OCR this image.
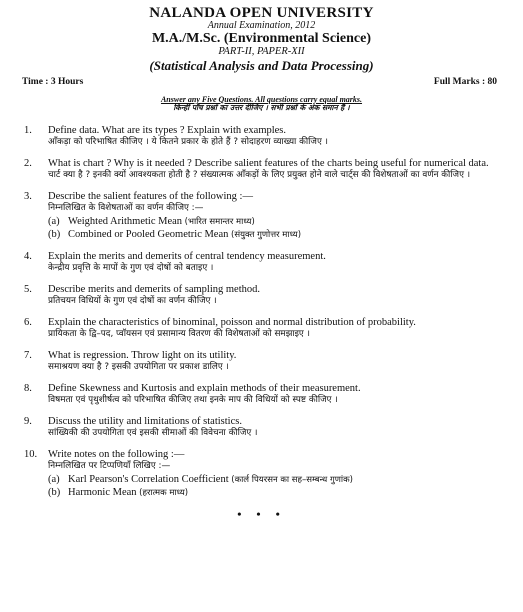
NALANDA OPEN UNIVERSITY
Annual Examination, 2012
M.A./M.Sc. (Environmental Science)
PART-II, PAPER-XII
(Statistical Analysis and Data Processing)
Time : 3 Hours	Full Marks : 80
Answer any Five Questions. All questions carry equal marks.
किन्हीं पाँच प्रश्नों का उत्तर दीजिए । सभी प्रश्नों के अंक समान हैं ।
1.	Define data. What are its types ? Explain with examples.
आँकड़ा को परिभाषित कीजिए । ये कितने प्रकार के होते हैं ? सोदाहरण व्याख्या कीजिए ।
2.	What is chart ? Why is it needed ? Describe salient features of the charts being useful for numerical data.
चार्ट क्या है ? इनकी क्यों आवश्यकता होती है ? संख्यात्मक आँकड़ों के लिए प्रयुक्त होने वाले चार्ट्स की विशेषताओं का वर्णन कीजिए ।
3.	Describe the salient features of the following :—
निम्नलिखित के विशेषताओं का वर्णन कीजिए :—
(a) Weighted Arithmetic Mean (भारित समान्तर माध्य)
(b) Combined or Pooled Geometric Mean (संयुक्त गुणोत्तर माध्य)
4.	Explain the merits and demerits of central tendency measurement.
केन्द्रीय प्रवृत्ति के मापों के गुण एवं दोषों को बताइए ।
5.	Describe merits and demerits of sampling method.
प्रतिचयन विधियों के गुण एवं दोषों का वर्णन कीजिए ।
6.	Explain the characteristics of binominal, poisson and normal distribution of probability.
प्रायिकता के द्वि–पद, प्वॉयसन एवं प्रसामान्य वितरण की विशेषताओं को समझाइए ।
7.	What is regression. Throw light on its utility.
समाश्रयण क्या है ? इसकी उपयोगिता पर प्रकाश डालिए ।
8.	Define Skewness and Kurtosis and explain methods of their measurement.
विषमता एवं पृथुशीर्षत्व को परिभाषित कीजिए तथा इनके माप की विधियों को स्पष्ट कीजिए ।
9.	Discuss the utility and limitations of statistics.
सांख्यिकी की उपयोगिता एवं इसकी सीमाओं की विवेचना कीजिए ।
10.	Write notes on the following :—
निम्नलिखित पर टिप्पणियाँ लिखिए :—
(a) Karl Pearson's Correlation Coefficient (कार्ल पियरसन का सह–सम्बन्ध गुणांक)
(b) Harmonic Mean (हरात्मक माध्य)
• • •
